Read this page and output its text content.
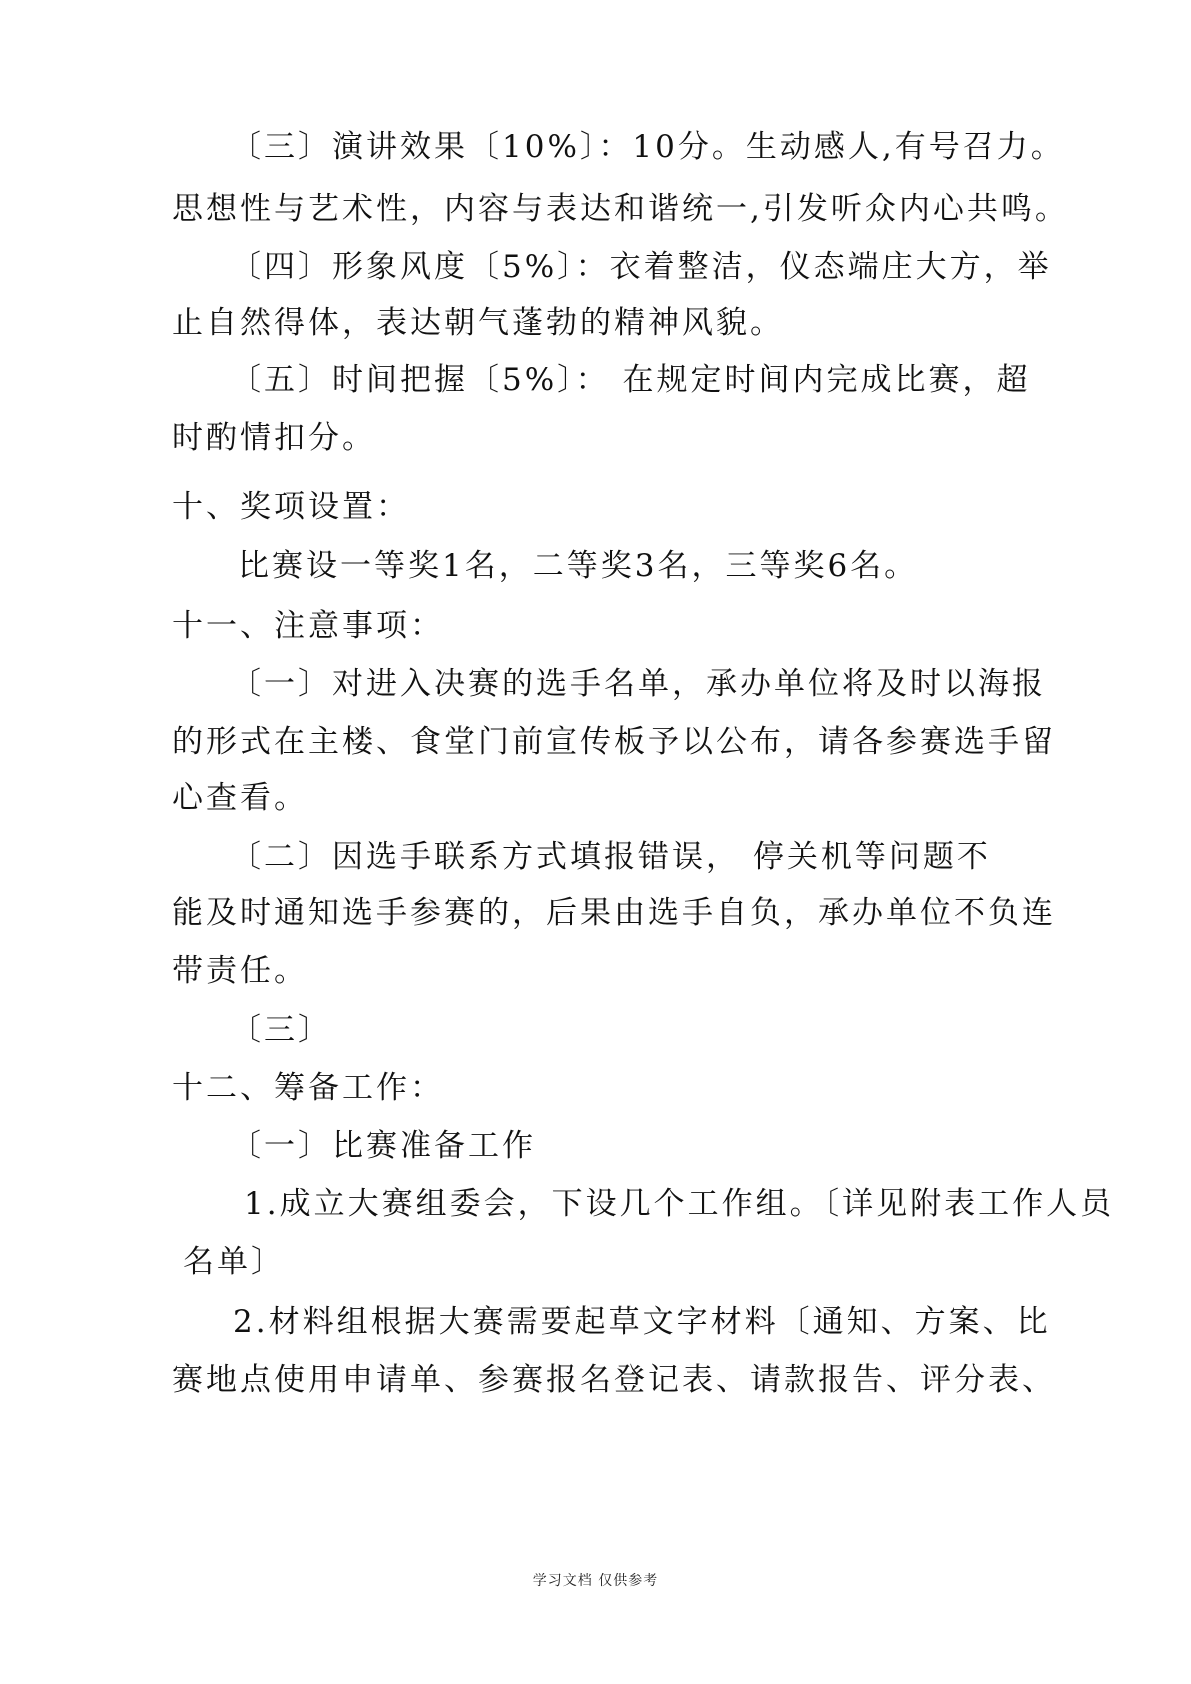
〔三〕演讲效果〔10%〕：10分。生动感人,有号召力。
思想性与艺术性，内容与表达和谐统一,引发听众内心共鸣。
〔四〕形象风度〔5%〕：衣着整洁，仪态端庄大方，举
止自然得体，表达朝气蓬勃的精神风貌。
〔五〕时间把握〔5%〕： 在规定时间内完成比赛，超
时酌情扣分。
十、奖项设置：
比赛设一等奖1名，二等奖3名，三等奖6名。
十一、注意事项：
〔一〕对进入决赛的选手名单，承办单位将及时以海报
的形式在主楼、食堂门前宣传板予以公布，请各参赛选手留
心查看。
〔二〕因选手联系方式填报错误， 停关机等问题不
能及时通知选手参赛的，后果由选手自负，承办单位不负连
带责任。
〔三〕
十二、筹备工作：
〔一〕比赛准备工作
1.成立大赛组委会，下设几个工作组。〔详见附表工作人员
名单〕
2.材料组根据大赛需要起草文字材料〔通知、方案、比
赛地点使用申请单、参赛报名登记表、请款报告、评分表、
学习文档 仅供参考
